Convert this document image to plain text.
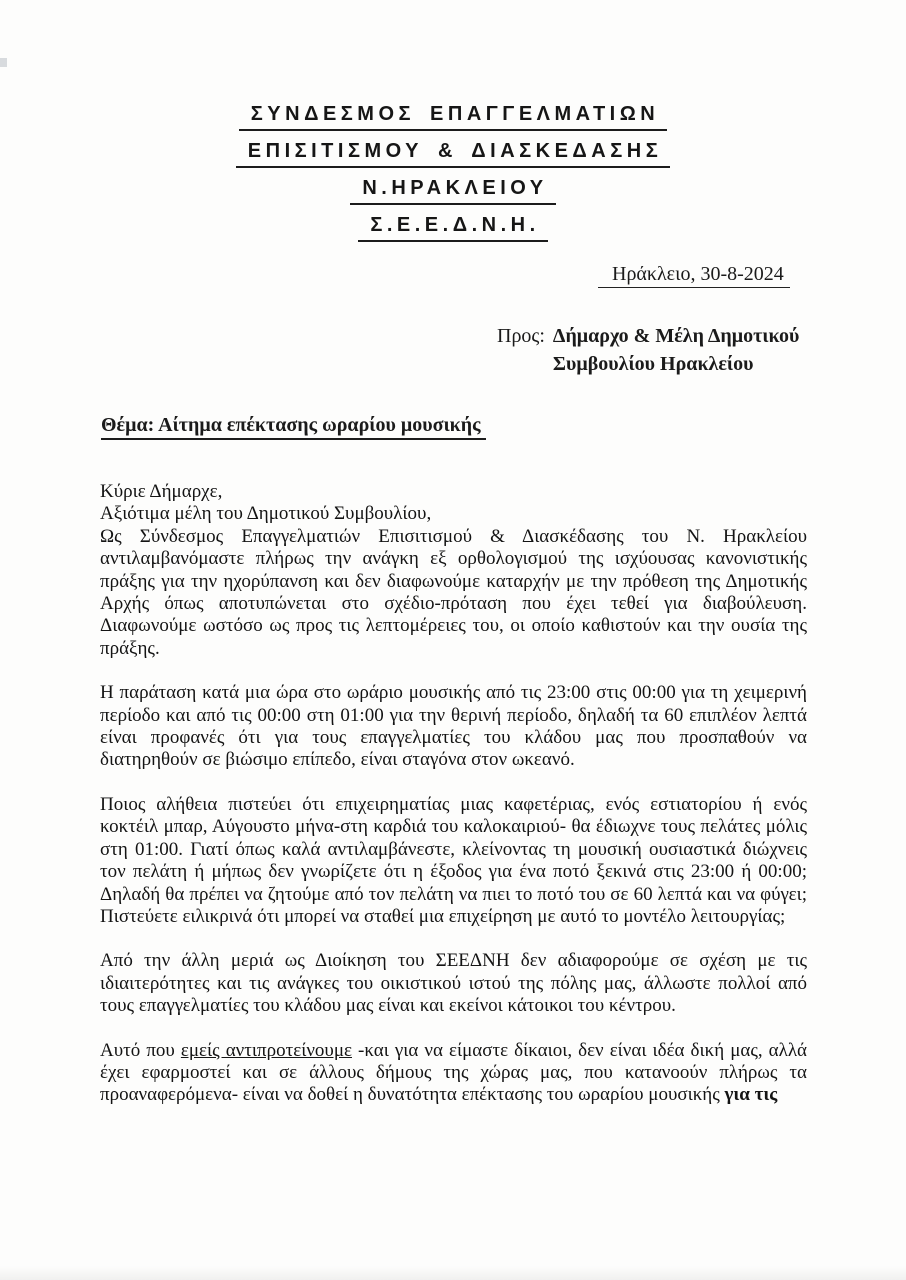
ΣΥΝΔΕΣΜΟΣ ΕΠΑΓΓΕΛΜΑΤΙΩΝ
ΕΠΙΣΙΤΙΣΜΟΥ & ΔΙΑΣΚΕΔΑΣΗΣ
Ν.ΗΡΑΚΛΕΙΟΥ
Σ.Ε.Ε.Δ.Ν.Η.
Ηράκλειο, 30-8-2024
Προς: Δήμαρχο & Μέλη Δημοτικού
Συμβουλίου Ηρακλείου
Θέμα: Αίτημα επέκτασης ωραρίου μουσικής
Κύριε Δήμαρχε,
Αξιότιμα μέλη του Δημοτικού Συμβουλίου,

Ως Σύνδεσμος Επαγγελματιών Επισιτισμού & Διασκέδασης του Ν. Ηρακλείου αντιλαμβανόμαστε πλήρως την ανάγκη εξ ορθολογισμού της ισχύουσας κανονιστικής πράξης για την ηχορύπανση και δεν διαφωνούμε καταρχήν με την πρόθεση της Δημοτικής Αρχής όπως αποτυπώνεται στο σχέδιο-πρόταση που έχει τεθεί για διαβούλευση. Διαφωνούμε ωστόσο ως προς τις λεπτομέρειες του, οι οποίο καθιστούν και την ουσία της πράξης.

Η παράταση κατά μια ώρα στο ωράριο μουσικής από τις 23:00 στις 00:00 για τη χειμερινή περίοδο και από τις 00:00 στη 01:00 για την θερινή περίοδο, δηλαδή τα 60 επιπλέον λεπτά είναι προφανές ότι για τους επαγγελματίες του κλάδου μας που προσπαθούν να διατηρηθούν σε βιώσιμο επίπεδο, είναι σταγόνα στον ωκεανό.

Ποιος αλήθεια πιστεύει ότι επιχειρηματίας μιας καφετέριας, ενός εστιατορίου ή ενός κοκτέιλ μπαρ, Αύγουστο μήνα-στη καρδιά του καλοκαιριού- θα έδιωχνε τους πελάτες μόλις στη 01:00. Γιατί όπως καλά αντιλαμβάνεστε, κλείνοντας τη μουσική ουσιαστικά διώχνεις τον πελάτη ή μήπως δεν γνωρίζετε ότι η έξοδος για ένα ποτό ξεκινά στις 23:00 ή 00:00; Δηλαδή θα πρέπει να ζητούμε από τον πελάτη να πιει το ποτό του σε 60 λεπτά και να φύγει; Πιστεύετε ειλικρινά ότι μπορεί να σταθεί μια επιχείρηση με αυτό το μοντέλο λειτουργίας;

Από την άλλη μεριά ως Διοίκηση του ΣΕΕΔΝΗ δεν αδιαφορούμε σε σχέση με τις ιδιαιτερότητες και τις ανάγκες του οικιστικού ιστού της πόλης μας, άλλωστε πολλοί από τους επαγγελματίες του κλάδου μας είναι και εκείνοι κάτοικοι του κέντρου.

Αυτό που εμείς αντιπροτείνουμε -και για να είμαστε δίκαιοι, δεν είναι ιδέα δική μας, αλλά έχει εφαρμοστεί και σε άλλους δήμους της χώρας μας, που κατανοούν πλήρως τα προαναφερόμενα- είναι να δοθεί η δυνατότητα επέκτασης του ωραρίου μουσικής για τις
